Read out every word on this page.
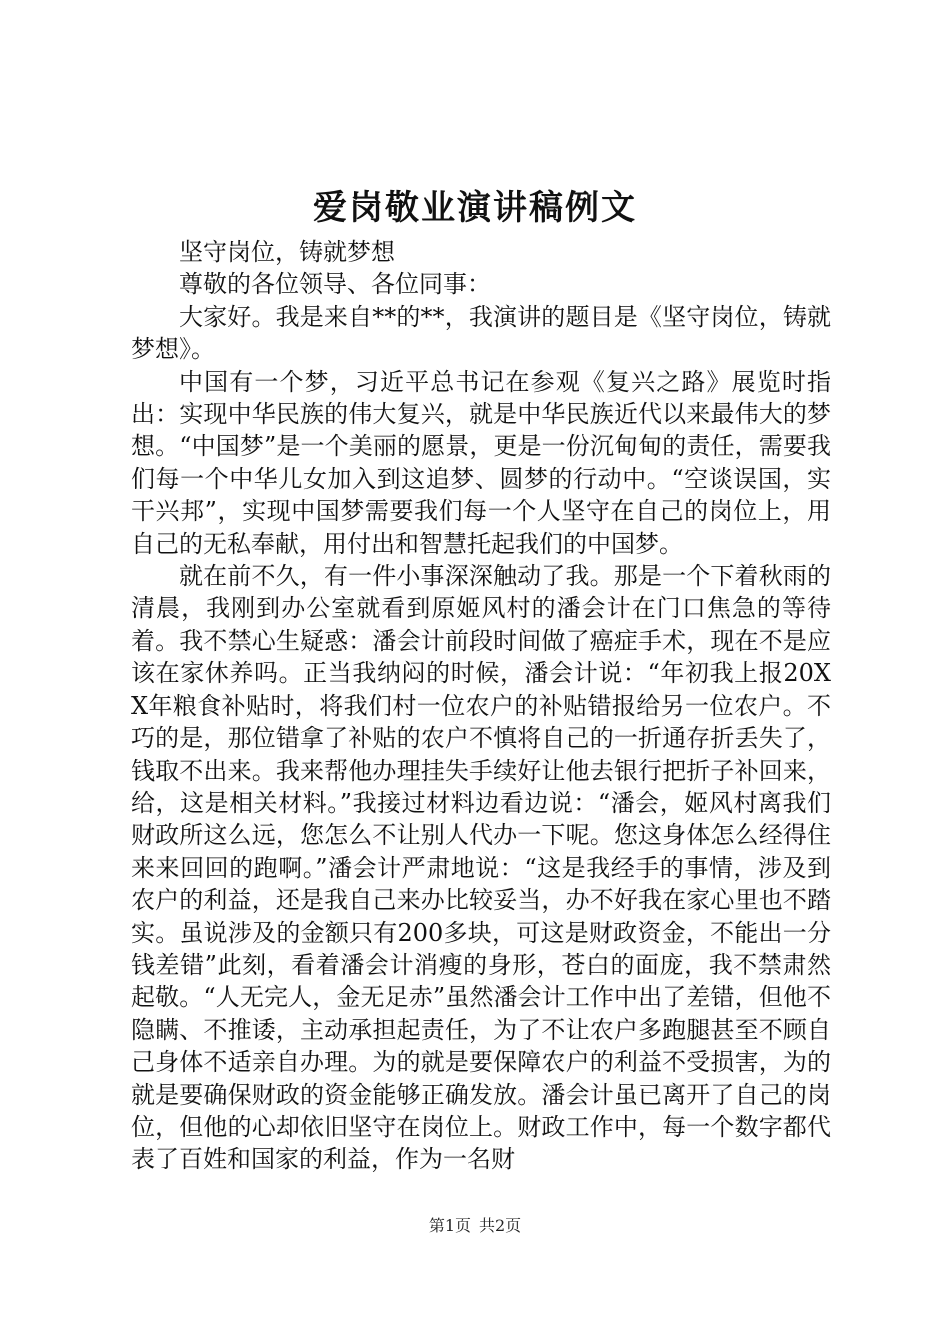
爱岗敬业演讲稿例文

坚守岗位，铸就梦想

尊敬的各位领导、各位同事：

大家好。我是来自**的**，我演讲的题目是《坚守岗位，铸就梦想》。

中国有一个梦，习近平总书记在参观《复兴之路》展览时指出：实现中华民族的伟大复兴，就是中华民族近代以来最伟大的梦想。“中国梦”是一个美丽的愿景，更是一份沉甸甸的责任，需要我们每一个中华儿女加入到这追梦、圆梦的行动中。“空谈误国，实干兴邦”，实现中国梦需要我们每一个人坚守在自己的岗位上，用自己的无私奉献，用付出和智慧托起我们的中国梦。

就在前不久，有一件小事深深触动了我。那是一个下着秋雨的清晨，我刚到办公室就看到原姬风村的潘会计在门口焦急的等待着。我不禁心生疑惑：潘会计前段时间做了癌症手术，现在不是应该在家休养吗。正当我纳闷的时候，潘会计说：“年初我上报20XX年粮食补贴时，将我们村一位农户的补贴错报给另一位农户。不巧的是，那位错拿了补贴的农户不慎将自己的一折通存折丢失了，钱取不出来。我来帮他办理挂失手续好让他去银行把折子补回来，给，这是相关材料。”我接过材料边看边说：“潘会，姬风村离我们财政所这么远，您怎么不让别人代办一下呢。您这身体怎么经得住来来回回的跑啊。”潘会计严肃地说：“这是我经手的事情，涉及到农户的利益，还是我自己来办比较妥当，办不好我在家心里也不踏实。虽说涉及的金额只有200多块，可这是财政资金，不能出一分钱差错”此刻，看着潘会计消瘦的身形，苍白的面庞，我不禁肃然起敬。“人无完人，金无足赤”虽然潘会计工作中出了差错，但他不隐瞒、不推诿，主动承担起责任，为了不让农户多跑腿甚至不顾自己身体不适亲自办理。为的就是要保障农户的利益不受损害，为的就是要确保财政的资金能够正确发放。潘会计虽已离开了自己的岗位，但他的心却依旧坚守在岗位上。财政工作中，每一个数字都代表了百姓和国家的利益，作为一名财

第1页 共2页
